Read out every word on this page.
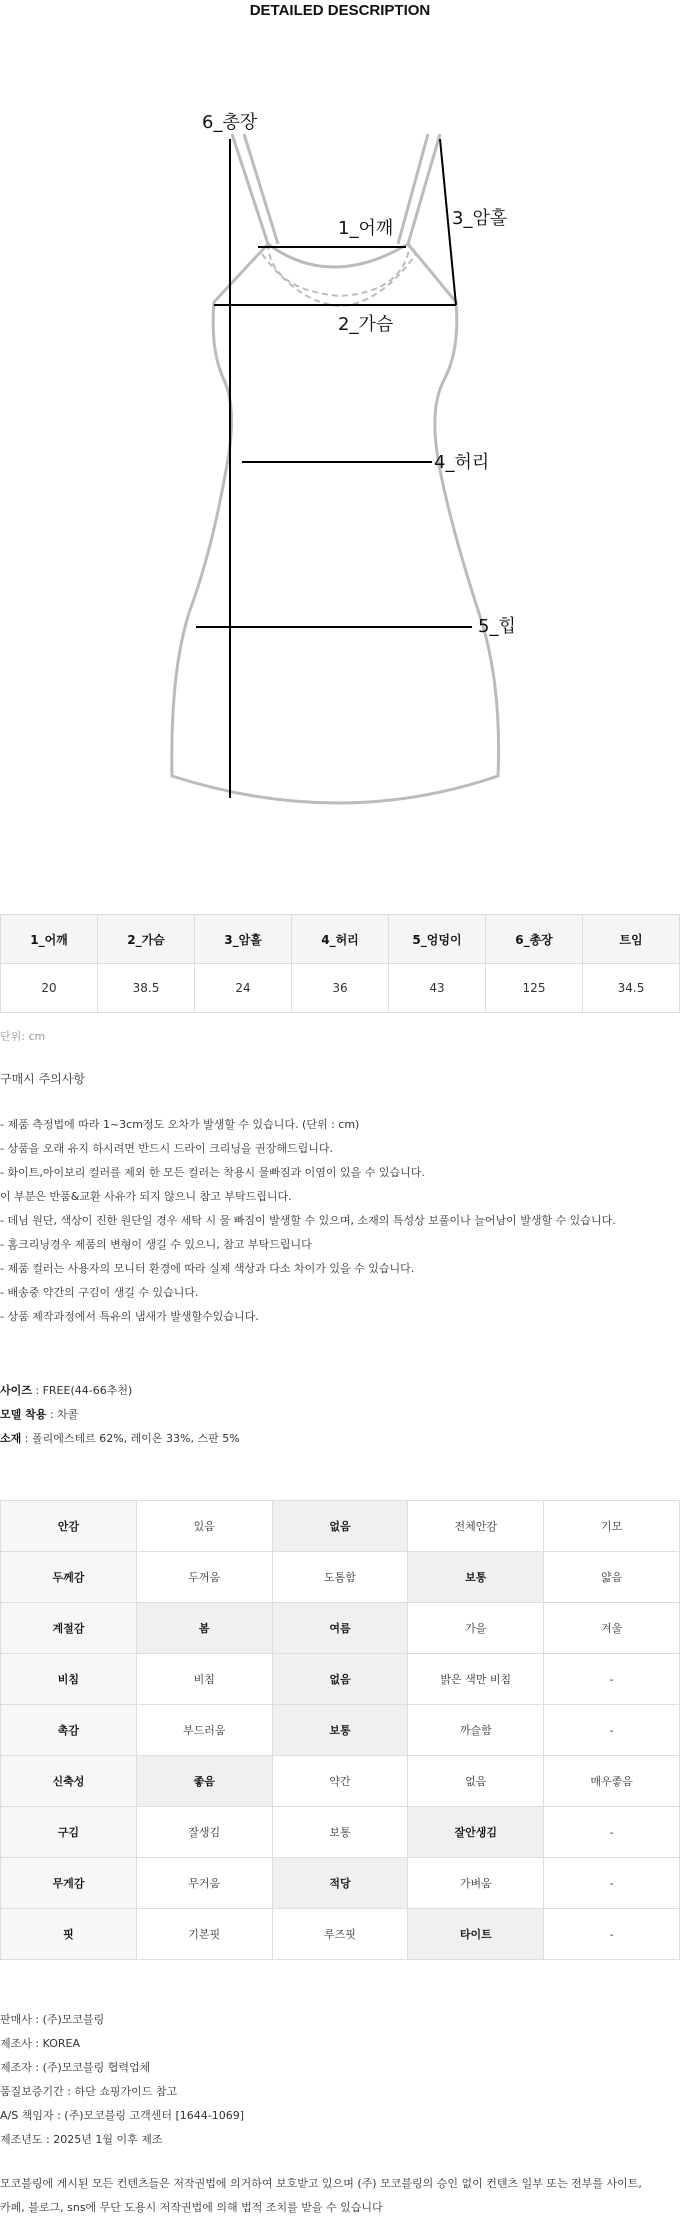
DETAILED DESCRIPTION
6_총장
1_어깨	3_암홀
2_가슴
4_허리
5_힙
1_어깨	2_가슴	3_암홀	4_허리	5_엉덩이	6_총장	트임
20	38.5	24	36	43	125	34.5
단위: cm
구매시 주의사항
- 제품 측정법에 따라 1~3cm정도 오차가 발생할 수 있습니다. (단위 : cm)
- 상품을 오래 유지 하시려면 반드시 드라이 크리닝을 권장해드립니다.
- 화이트,아이보리 컬러를 제외 한 모든 컬러는 착용시 물빠짐과 이염이 있을 수 있습니다.
이 부분은 반품&교환 사유가 되지 않으니 참고 부탁드립니다.
- 데님 원단, 색상이 진한 원단일 경우 세탁 시 물 빠짐이 발생할 수 있으며, 소재의 특성상 보풀이나 늘어남이 발생할 수 있습니다.
- 홈크리닝경우 제품의 변형이 생길 수 있으니, 참고 부탁드립니다
- 제품 컬러는 사용자의 모니터 환경에 따라 실제 색상과 다소 차이가 있을 수 있습니다.
- 배송중 약간의 구김이 생길 수 있습니다.
- 상품 제작과정에서 특유의 냄새가 발생할수있습니다.
사이즈 : FREE(44-66추천)
모델 착용 : 차콜
소재 : 폴리에스테르 62%, 레이온 33%, 스판 5%
안감	있음	없음	전체안감	기모
두께감	두꺼움	도톰함	보통	얇음
계절감	봄	여름	가을	겨울
비침	비침	없음	밝은 색만 비침	-
촉감	부드러움	보통	까슬함	-
신축성	좋음	약간	없음	매우좋음
구김	잘생김	보통	잘안생김	-
무게감	무거움	적당	가벼움	-
핏	기본핏	루즈핏	타이트	-
판매사 : (주)모코블링
제조사 : KOREA
제조자 : (주)모코블링 협력업체
품질보증기간 : 하단 쇼핑가이드 참고
A/S 책임자 : (주)모코블링 고객센터 [1644-1069]
제조년도 : 2025년 1월 이후 제조
모코블링에 게시된 모든 컨텐츠들은 저작권법에 의거하여 보호받고 있으며 (주) 모코블링의 승인 없이 컨텐츠 일부 또는 전부를 사이트,
카페, 블로그, sns에 무단 도용시 저작권법에 의해 법적 조치를 받을 수 있습니다
